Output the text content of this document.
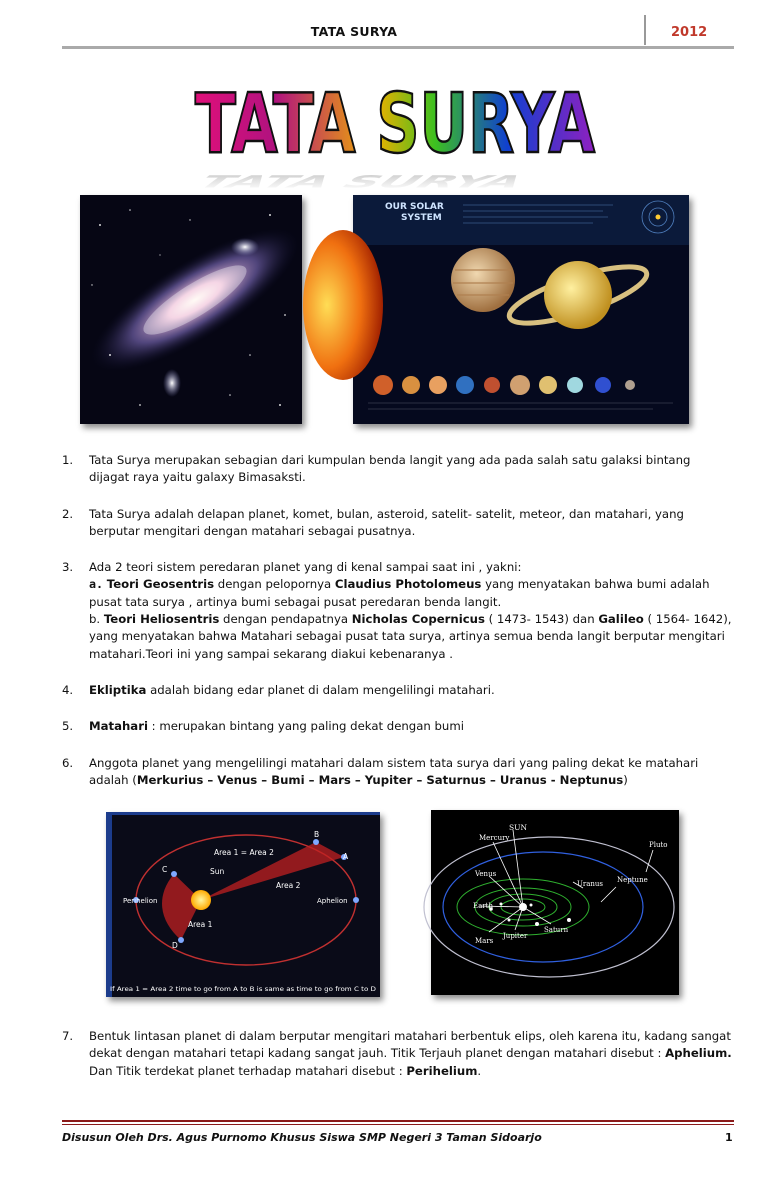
TATA SURYA	2012
TATA SURYA
TATA SURYA
OUR SOLAR
SYSTEM
1. Tata Surya merupakan sebagian dari kumpulan benda langit yang ada pada salah satu galaksi bintang dijagat raya yaitu galaxy Bimasaksti.
2. Tata Surya adalah delapan planet, komet, bulan, asteroid, satelit- satelit, meteor, dan matahari, yang berputar mengitari dengan matahari sebagai pusatnya.
3. Ada 2 teori sistem peredaran planet yang di kenal sampai saat ini , yakni:
a. Teori Geosentris dengan pelopornya Claudius Photolomeus yang menyatakan bahwa bumi adalah pusat tata surya , artinya bumi sebagai pusat peredaran benda langit.
b. Teori Heliosentris dengan pendapatnya Nicholas Copernicus ( 1473- 1543) dan Galileo ( 1564- 1642), yang menyatakan bahwa Matahari sebagai pusat tata surya, artinya semua benda langit berputar mengitari matahari.Teori ini yang sampai sekarang diakui kebenaranya .
4. Ekliptika adalah bidang edar planet di dalam mengelilingi matahari.
5. Matahari : merupakan bintang yang paling dekat dengan bumi
6. Anggota planet yang mengelilingi matahari dalam sistem tata surya dari yang paling dekat ke matahari adalah (Merkurius – Venus – Bumi – Mars – Yupiter – Saturnus – Uranus - Neptunus)
Area 1 = Area 2
Sun
Area 2
Area 1
Perihelion	Aphelion
B
A
C
D
If Area 1 = Area 2 time to go from A to B is same as time to go from C to D
SUN
Mercury
Venus
Earth
Mars
Jupiter
Saturn
Uranus Neptune
Pluto
7. Bentuk lintasan planet di dalam berputar mengitari matahari berbentuk elips, oleh karena itu, kadang sangat dekat dengan matahari tetapi kadang sangat jauh. Titik Terjauh planet dengan matahari disebut : Aphelium. Dan Titik terdekat planet terhadap matahari disebut : Perihelium.
Disusun Oleh Drs. Agus Purnomo Khusus Siswa SMP Negeri 3 Taman Sidoarjo	1
